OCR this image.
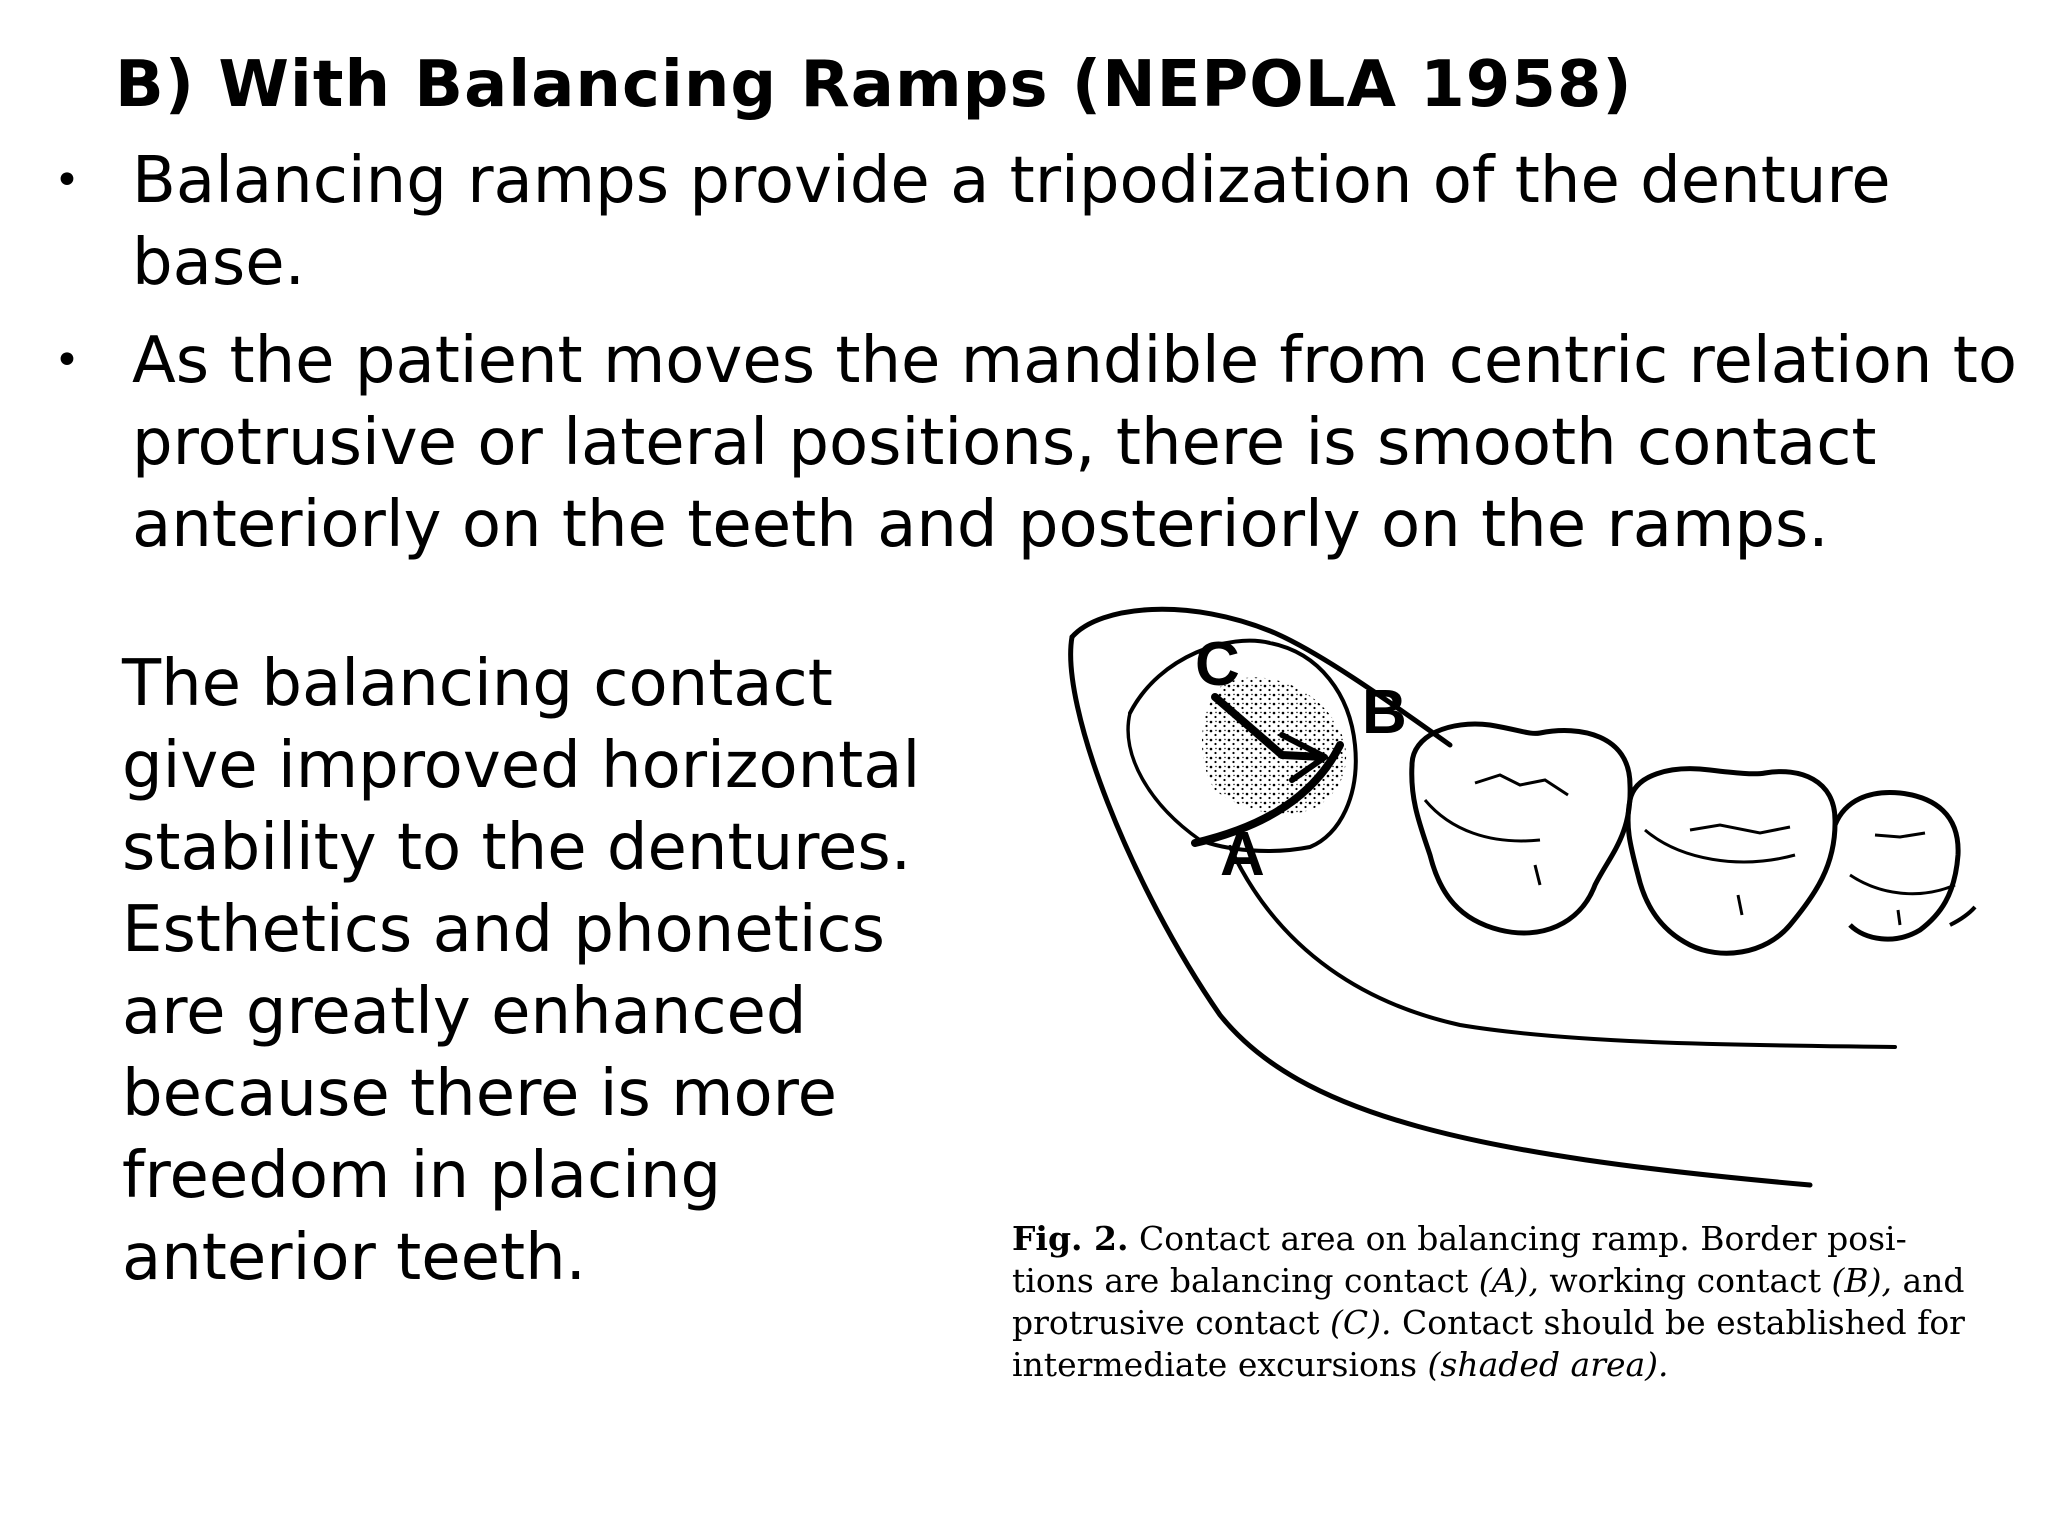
B) With Balancing Ramps (NEPOLA 1958)
• Balancing ramps provide a tripodization of the denture base.
• As the patient moves the mandible from centric relation to protrusive or lateral positions, there is smooth contact anteriorly on the teeth and posteriorly on the ramps.
The balancing contact
give improved horizontal
stability to the dentures.
Esthetics and phonetics
are greatly enhanced
because there is more
freedom in placing
anterior teeth.
C
B
A
Fig. 2. Contact area on balancing ramp. Border posi-
tions are balancing contact (A), working contact (B), and
protrusive contact (C). Contact should be established for
intermediate excursions (shaded area).
